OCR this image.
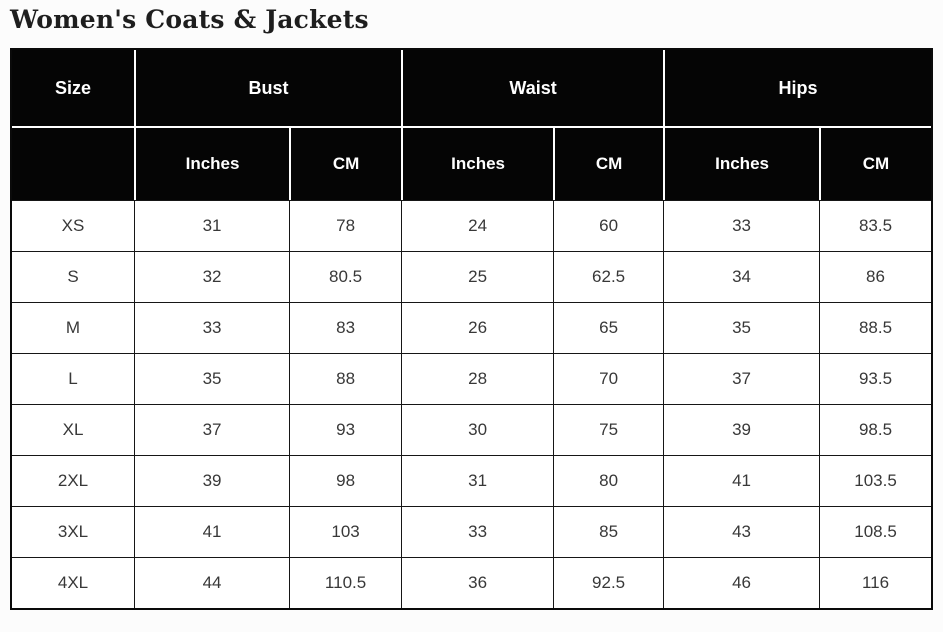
Women's Coats & Jackets
Size	Bust		Waist		Hips	
	Inches	CM	Inches	CM	Inches	CM
XS	31	78	24	60	33	83.5
S	32	80.5	25	62.5	34	86
M	33	83	26	65	35	88.5
L	35	88	28	70	37	93.5
XL	37	93	30	75	39	98.5
2XL	39	98	31	80	41	103.5
3XL	41	103	33	85	43	108.5
4XL	44	110.5	36	92.5	46	116
